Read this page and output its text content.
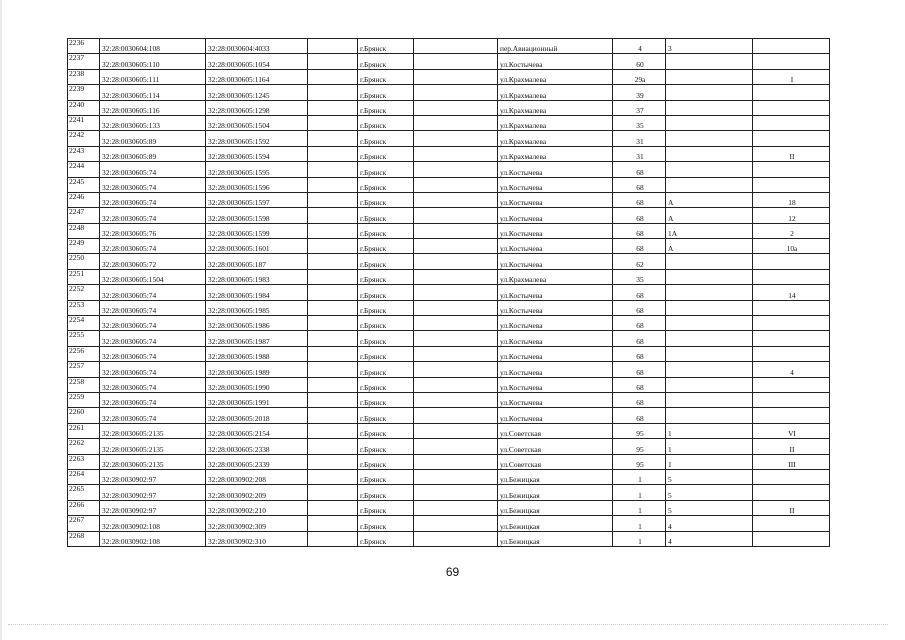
2236	32:28:0030604:108	32:28:0030604:4033		г.Брянск		пер.Авиационный	4	3	
2237	32:28:0030605:110	32:28:0030605:1054		г.Брянск		ул.Костычева	60		
2238	32:28:0030605:111	32:28:0030605:1164		г.Брянск		ул.Крахмалева	29а		I
2239	32:28:0030605:114	32:28:0030605:1245		г.Брянск		ул.Крахмалева	39		
2240	32:28:0030605:116	32:28:0030605:1298		г.Брянск		ул.Крахмалева	37		
2241	32:28:0030605:133	32:28:0030605:1504		г.Брянск		ул.Крахмалева	35		
2242	32:28:0030605:89	32:28:0030605:1592		г.Брянск		ул.Крахмалева	31		
2243	32:28:0030605:89	32:28:0030605:1594		г.Брянск		ул.Крахмалева	31		II
2244	32:28:0030605:74	32:28:0030605:1595		г.Брянск		ул.Костычева	68		
2245	32:28:0030605:74	32:28:0030605:1596		г.Брянск		ул.Костычева	68		
2246	32:28:0030605:74	32:28:0030605:1597		г.Брянск		ул.Костычева	68	А	18
2247	32:28:0030605:74	32:28:0030605:1598		г.Брянск		ул.Костычева	68	А	12
2248	32:28:0030605:76	32:28:0030605:1599		г.Брянск		ул.Костычева	68	1А	2
2249	32:28:0030605:74	32:28:0030605:1601		г.Брянск		ул.Костычева	68	А	10а
2250	32:28:0030605:72	32:28:0030605:187		г.Брянск		ул.Костычева	62		
2251	32:28:0030605:1504	32:28:0030605:1983		г.Брянск		ул.Крахмалева	35		
2252	32:28:0030605:74	32:28:0030605:1984		г.Брянск		ул.Костычева	68		14
2253	32:28:0030605:74	32:28:0030605:1985		г.Брянск		ул.Костычева	68		
2254	32:28:0030605:74	32:28:0030605:1986		г.Брянск		ул.Костычева	68		
2255	32:28:0030605:74	32:28:0030605:1987		г.Брянск		ул.Костычева	68		
2256	32:28:0030605:74	32:28:0030605:1988		г.Брянск		ул.Костычева	68		
2257	32:28:0030605:74	32:28:0030605:1989		г.Брянск		ул.Костычева	68		4
2258	32:28:0030605:74	32:28:0030605:1990		г.Брянск		ул.Костычева	68		
2259	32:28:0030605:74	32:28:0030605:1991		г.Брянск		ул.Костычева	68		
2260	32:28:0030605:74	32:28:0030605:2018		г.Брянск		ул.Костычева	68		
2261	32:28:0030605:2135	32:28:0030605:2154		г.Брянск		ул.Советская	95	1	VI
2262	32:28:0030605:2135	32:28:0030605:2338		г.Брянск		ул.Советская	95	1	II
2263	32:28:0030605:2135	32:28:0030605:2339		г.Брянск		ул.Советская	95	1	III
2264	32:28:0030902:97	32:28:0030902:208		г.Брянск		ул.Бежицкая	1	5	
2265	32:28:0030902:97	32:28:0030902:209		г.Брянск		ул.Бежицкая	1	5	
2266	32:28:0030902:97	32:28:0030902:210		г.Брянск		ул.Бежицкая	1	5	II
2267	32:28:0030902:108	32:28:0030902:309		г.Брянск		ул.Бежицкая	1	4	
2268	32:28:0030902:108	32:28:0030902:310		г.Брянск		ул.Бежицкая	1	4	
69
